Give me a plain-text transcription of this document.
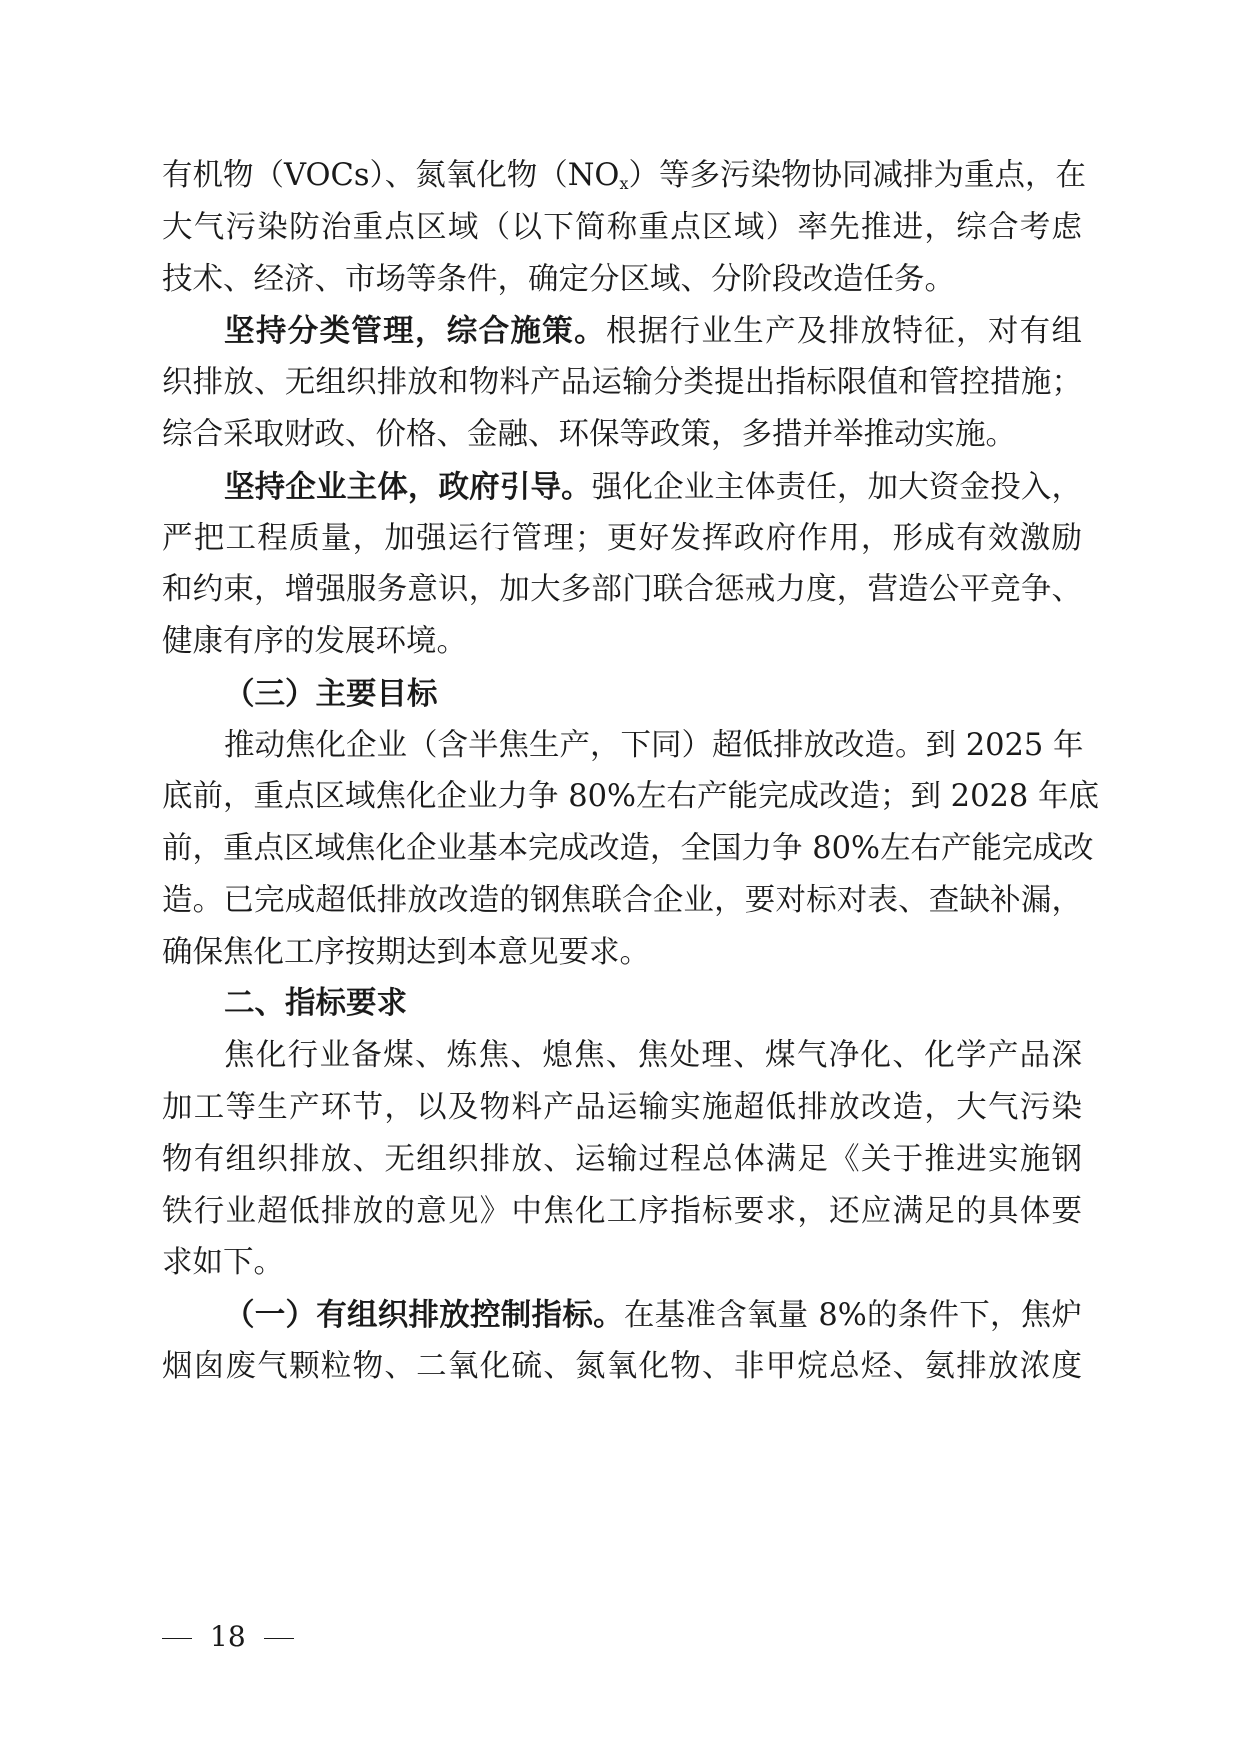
有机物（VOCs）、氮氧化物$(NO_x)$等多污染物协同减排为重点，在
大气污染防治重点区域（以下简称重点区域）率先推进，综合考虑
技术、经济、市场等条件，确定分区域、分阶段改造任务。
坚持分类管理，综合施策。根据行业生产及排放特征，对有组
织排放、无组织排放和物料产品运输分类提出指标限值和管控措施；
综合采取财政、价格、金融、环保等政策，多措并举推动实施。
坚持企业主体，政府引导。强化企业主体责任，加大资金投入，
严把工程质量，加强运行管理；更好发挥政府作用，形成有效激励
和约束，增强服务意识，加大多部门联合惩戒力度，营造公平竞争、
健康有序的发展环境。
（三）主要目标
推动焦化企业（含半焦生产，下同）超低排放改造。到 2025 年
底前，重点区域焦化企业力争 80%左右产能完成改造；到 2028 年底
前，重点区域焦化企业基本完成改造，全国力争 80%左右产能完成改
造。已完成超低排放改造的钢焦联合企业，要对标对表、查缺补漏，
确保焦化工序按期达到本意见要求。
二、指标要求
焦化行业备煤、炼焦、熄焦、焦处理、煤气净化、化学产品深
加工等生产环节，以及物料产品运输实施超低排放改造，大气污染
物有组织排放、无组织排放、运输过程总体满足《关于推进实施钢
铁行业超低排放的意见》中焦化工序指标要求，还应满足的具体要
求如下。
（一）有组织排放控制指标。在基准含氧量 8%的条件下，焦炉
烟囱废气颗粒物、二氧化硫、氮氧化物、非甲烷总烃、氨排放浓度
18
